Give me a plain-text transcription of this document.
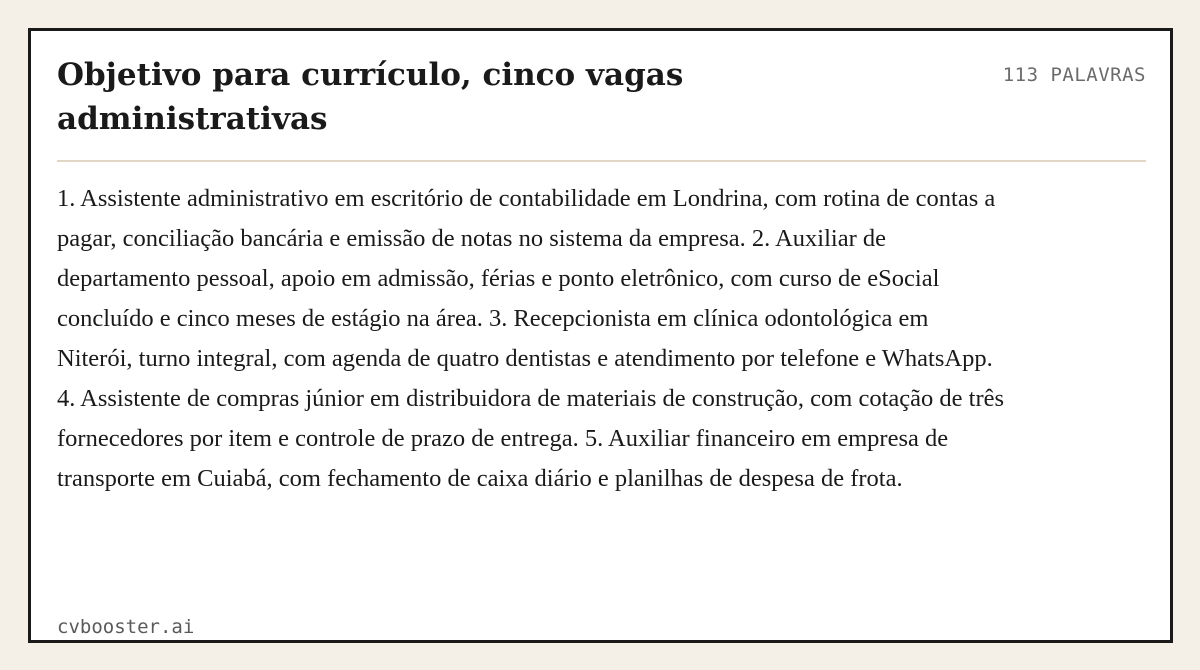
Objetivo para currículo, cinco vagas administrativas
113 PALAVRAS

1. Assistente administrativo em escritório de contabilidade em Londrina, com rotina de contas a pagar, conciliação bancária e emissão de notas no sistema da empresa. 2. Auxiliar de departamento pessoal, apoio em admissão, férias e ponto eletrônico, com curso de eSocial concluído e cinco meses de estágio na área. 3. Recepcionista em clínica odontológica em Niterói, turno integral, com agenda de quatro dentistas e atendimento por telefone e WhatsApp. 4. Assistente de compras júnior em distribuidora de materiais de construção, com cotação de três fornecedores por item e controle de prazo de entrega. 5. Auxiliar financeiro em empresa de transporte em Cuiabá, com fechamento de caixa diário e planilhas de despesa de frota.

cvbooster.ai
